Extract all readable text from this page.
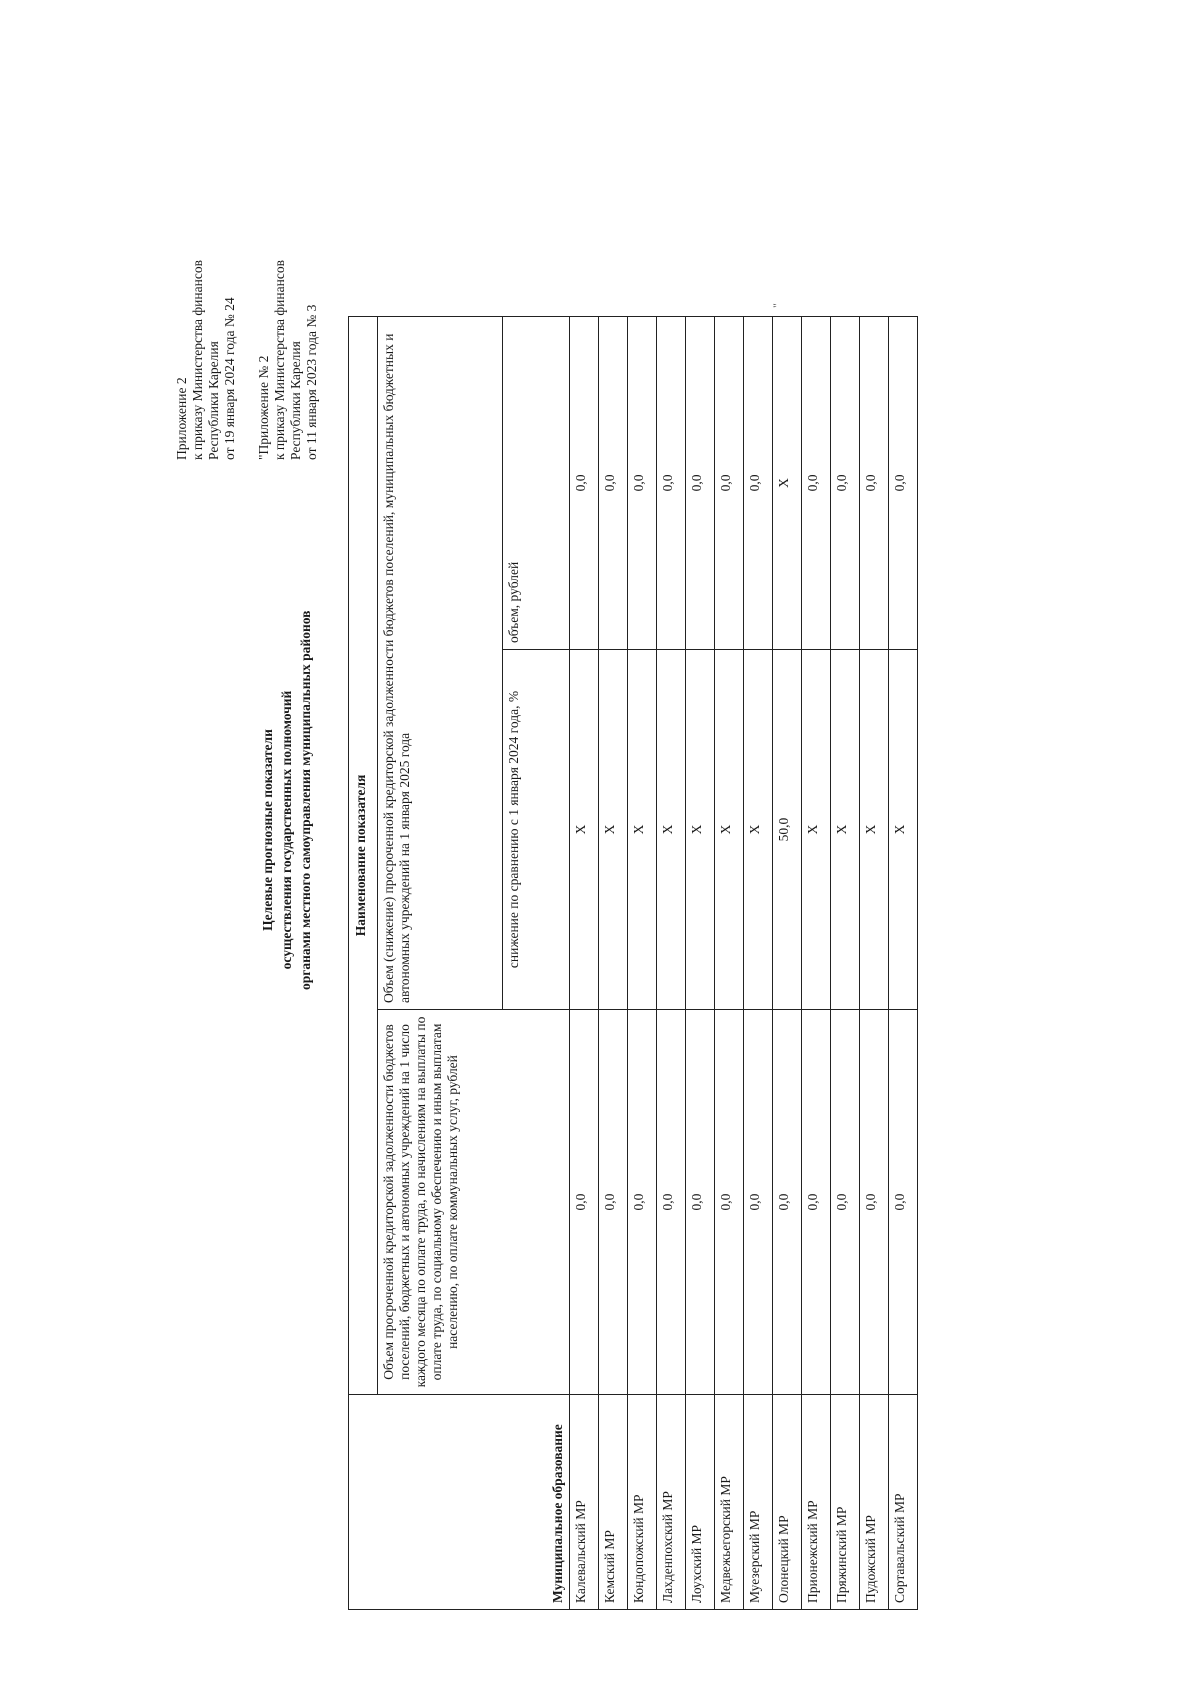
Приложение 2 к приказу Министерства финансов Республики Карелия от 19 января 2024 года № 24 "Приложение № 2 к приказу Министерства финансов Республики Карелия от 11 января 2023 года № 3
Целевые прогнозные показатели осуществления государственных полномочий органами местного самоуправления муниципальных районов
Муниципальное образование	Наименование показателя		
	Объем просроченной кредиторской задолженности бюджетов поселений, бюджетных и автономных учреждений на 1 число каждого месяца по оплате труда, по начислениям на выплаты по оплате труда, по социальному обеспечению и иным выплатам населению, по оплате коммунальных услуг, рублей	Объем (снижение) просроченной кредиторской задолженности бюджетов поселений, муниципальных бюджетных и автономных учреждений на 1 января 2025 года	
		снижение по сравнению с 1 января 2024 года, %	объем, рублей
Калевальский МР	0,0	X	0,0
Кемский МР	0,0	X	0,0
Кондопожский МР	0,0	X	0,0
Лахденпохский МР	0,0	X	0,0
Лоухский МР	0,0	X	0,0
Медвежьегорский МР	0,0	X	0,0
Муезерский МР	0,0	X	0,0
Олонецкий МР	0,0	50,0	X
Прионежский МР	0,0	X	0,0
Пряжинский МР	0,0	X	0,0
Пудожский МР	0,0	X	0,0
Сортавальский МР	0,0	X	0,0
"
